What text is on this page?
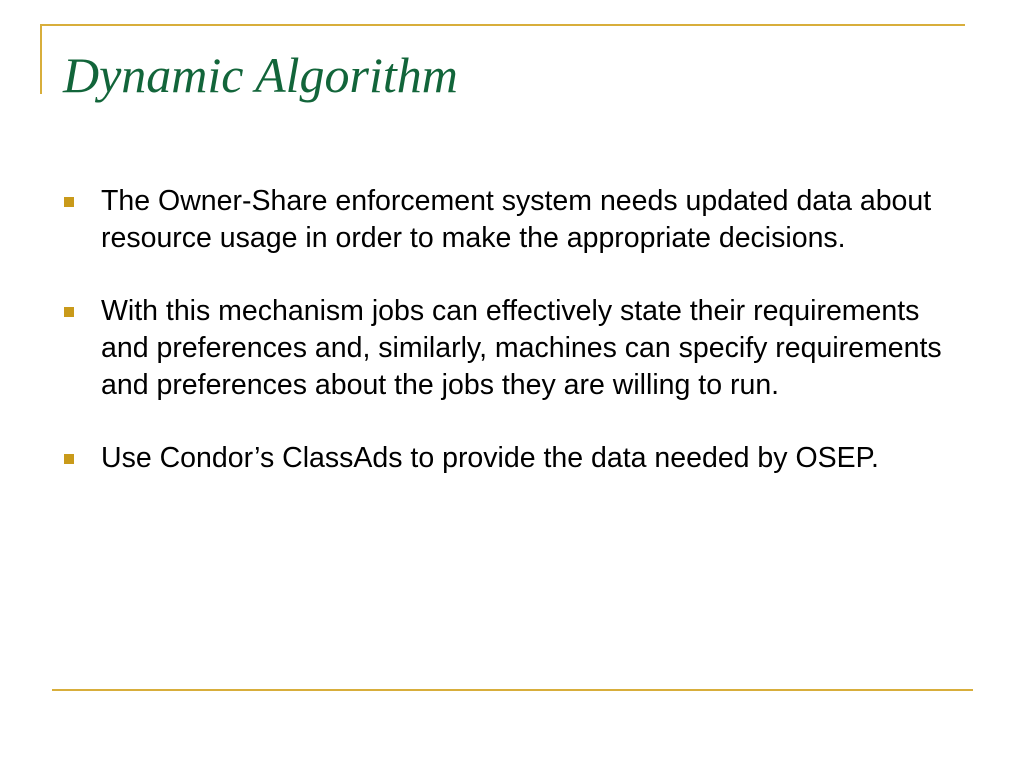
Dynamic Algorithm
The Owner-Share enforcement system needs updated data about resource usage in order to make the appropriate decisions.
With this mechanism jobs can effectively state their requirements and preferences and, similarly, machines can specify requirements and preferences about the jobs they are willing to run.
Use Condor’s ClassAds to provide the data needed by OSEP.
